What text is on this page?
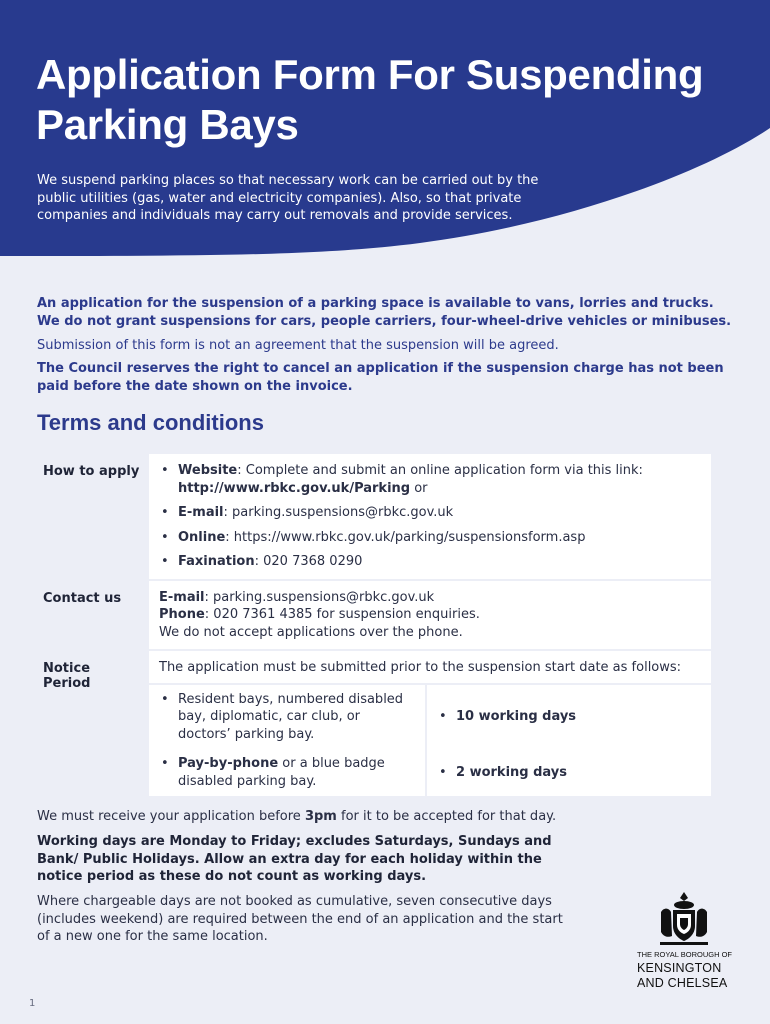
Application Form For Suspending Parking Bays

We suspend parking places so that necessary work can be carried out by the public utilities (gas, water and electricity companies). Also, so that private companies and individuals may carry out removals and provide services.

An application for the suspension of a parking space is available to vans, lorries and trucks. We do not grant suspensions for cars, people carriers, four-wheel-drive vehicles or minibuses.

Submission of this form is not an agreement that the suspension will be agreed.

The Council reserves the right to cancel an application if the suspension charge has not been paid before the date shown on the invoice.

Terms and conditions
How to apply
•	Website: Complete and submit an online application form via this link:
http://www.rbkc.gov.uk/Parking or
• E-mail: parking.suspensions@rbkc.gov.uk
• Online: https://www.rbkc.gov.uk/parking/suspensionsform.asp
• Faxination: 020 7368 0290
Contact us	E-mail: parking.suspensions@rbkc.gov.uk
Phone: 020 7361 4385 for suspension enquiries.
We do not accept applications over the phone.
Notice Period
The application must be submitted prior to the suspension start date as follows:
• Resident bays, numbered disabled bay, diplomatic, car club, or doctors’ parking bay.
• 10 working days
• Pay-by-phone or a blue badge disabled parking bay.
• 2 working days

We must receive your application before 3pm for it to be accepted for that day.

Working days are Monday to Friday; excludes Saturdays, Sundays and Bank/ Public Holidays. Allow an extra day for each holiday within the notice period as these do not count as working days.

Where chargeable days are not booked as cumulative, seven consecutive days (includes weekend) are required between the end of an application and the start of a new one for the same location.

1

THE ROYAL BOROUGH OF

KENSINGTON

AND CHELSEA
